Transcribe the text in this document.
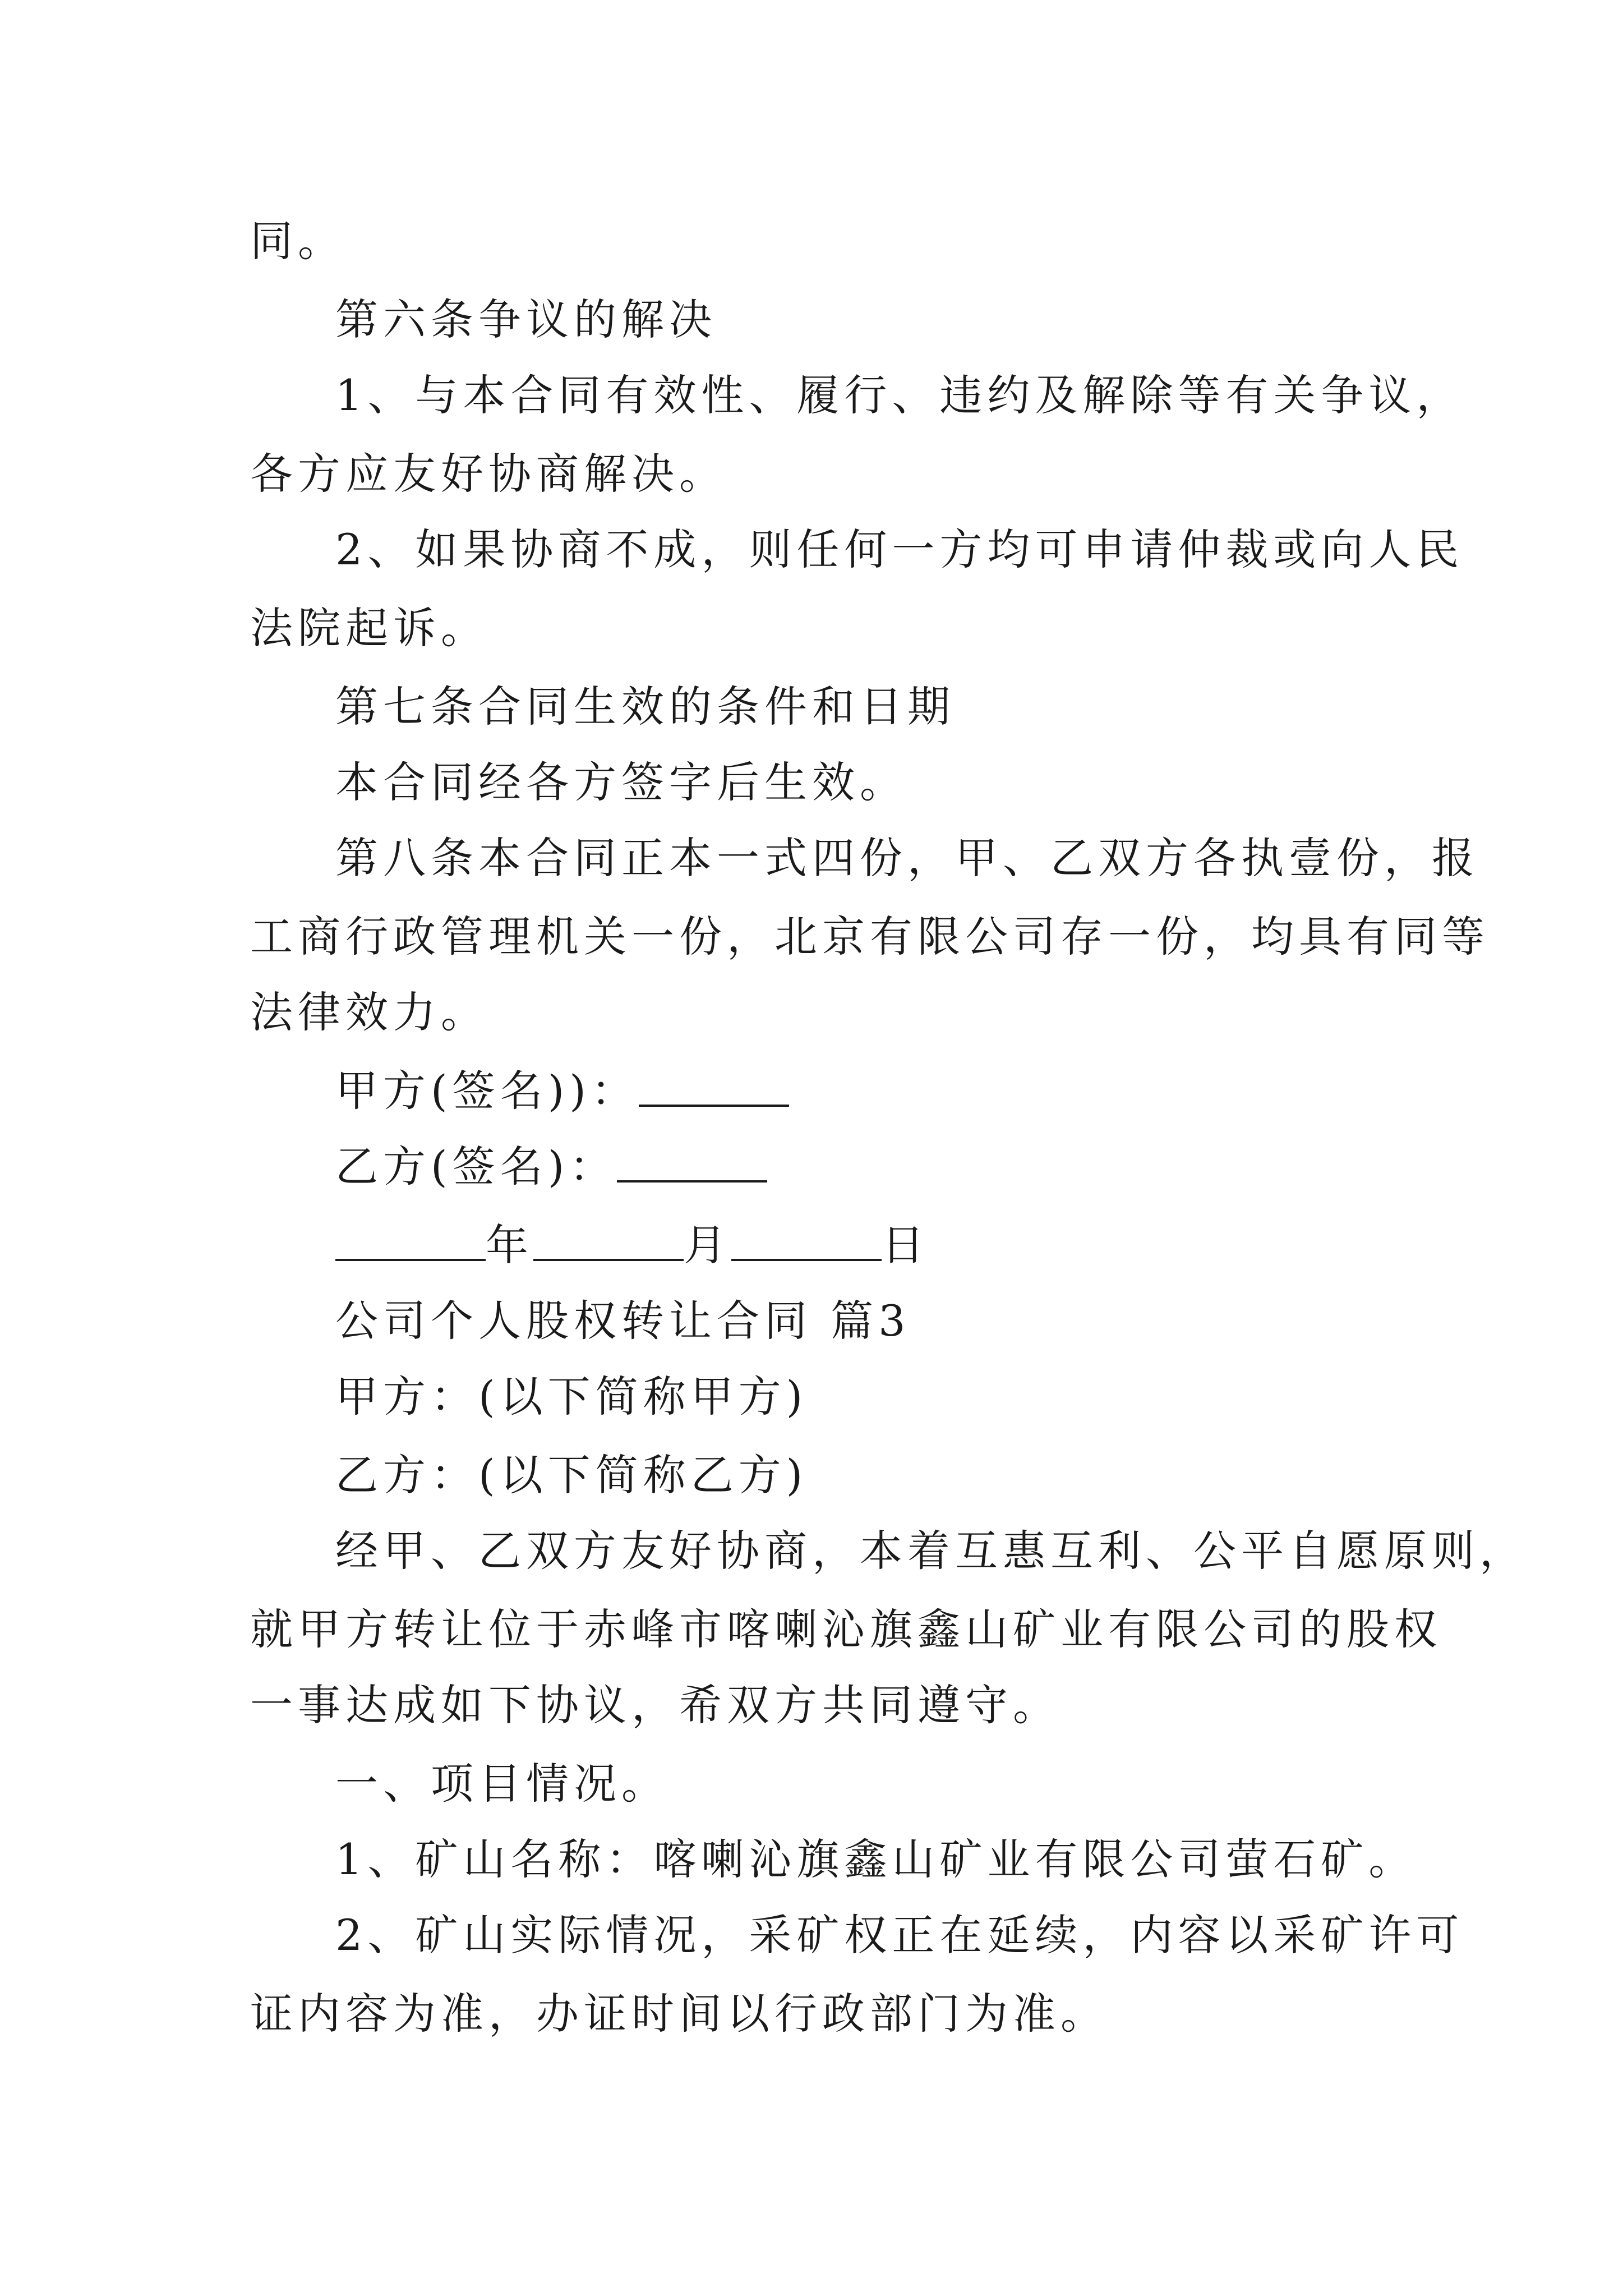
同。
第六条争议的解决
1、与本合同有效性、履行、违约及解除等有关争议，
各方应友好协商解决。
2、如果协商不成，则任何一方均可申请仲裁或向人民
法院起诉。
第七条合同生效的条件和日期
本合同经各方签字后生效。
第八条本合同正本一式四份，甲、乙双方各执壹份，报
工商行政管理机关一份，北京有限公司存一份，均具有同等
法律效力。
甲方(签名))：
乙方(签名)：
年	月	日
公司个人股权转让合同 篇3
甲方：(以下简称甲方)
乙方：(以下简称乙方)
经甲、乙双方友好协商，本着互惠互利、公平自愿原则，
就甲方转让位于赤峰市喀喇沁旗鑫山矿业有限公司的股权
一事达成如下协议，希双方共同遵守。
一、项目情况。
1、矿山名称：喀喇沁旗鑫山矿业有限公司萤石矿。
2、矿山实际情况，采矿权正在延续，内容以采矿许可
证内容为准，办证时间以行政部门为准。
